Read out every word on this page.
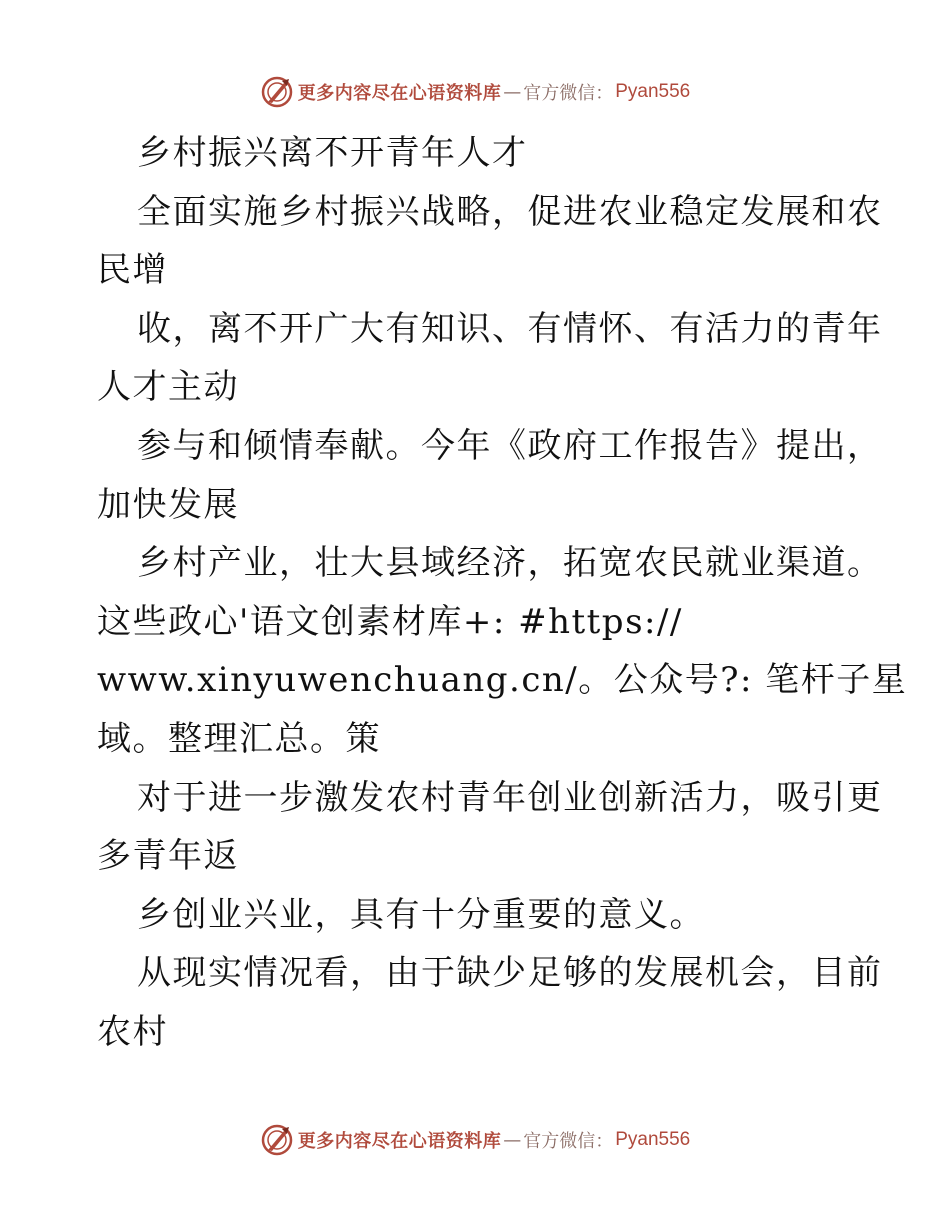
更多内容尽在心语资料库 — 官方微信： Pyan556

乡村振兴离不开青年人才

全面实施乡村振兴战略，促进农业稳定发展和农

民增

收，离不开广大有知识、有情怀、有活力的青年

人才主动

参与和倾情奉献。今年《政府工作报告》提出，

加快发展

乡村产业，壮大县域经济，拓宽农民就业渠道。

这些政心'语文创素材库+: #https://

www.xinyuwenchuang.cn/。公众号?: 笔杆子星

域。整理汇总。策

对于进一步激发农村青年创业创新活力，吸引更

多青年返

乡创业兴业，具有十分重要的意义。

从现实情况看，由于缺少足够的发展机会，目前

农村

更多内容尽在心语资料库 — 官方微信： Pyan556
